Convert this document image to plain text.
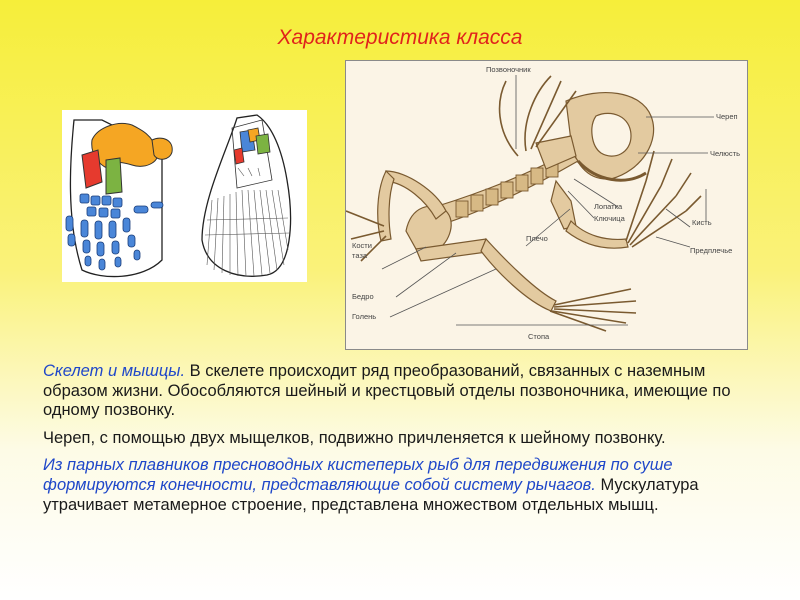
Характеристика класса
Позвоночник
Череп
Челюсть
Лопатка
Ключица	Кисть
Предплечье
Плечо
Кости
таза
Бедро
Голень
Стопа

Скелет и мышцы. В скелете происходит ряд преобразований, связанных с наземным образом жизни. Обособляются шейный и крестцовый отделы позвоночника, имеющие по одному позвонку.

Череп, с помощью двух мыщелков, подвижно причленяется к шейному позвонку.

Из парных плавников пресноводных кистеперых рыб для передвижения по суше формируются конечности, представляющие собой систему рычагов. Мускулатура утрачивает метамерное строение, представлена множеством отдельных мышц.
